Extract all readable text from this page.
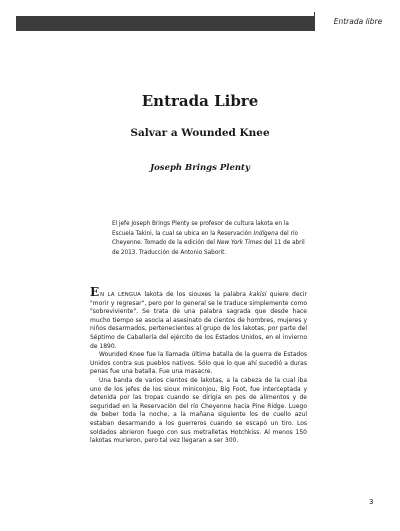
Entrada libre
Entrada Libre
Salvar a Wounded Knee
Joseph Brings Plenty
El jefe Joseph Brings Plenty se profesor de cultura lakota en la Escuela Takini, la cual se ubica en la Reservación Indígena del río Cheyenne. Tomado de la edición del New York Times del 11 de abril de 2013. Traducción de Antonio Saborit.

EN LA LENGUA lakota de los siouxes la palabra kakisi quiere decir "morir y regresar", pero por lo general se le traduce simplemente como "sobreviviente". Se trata de una palabra sagrada que desde hace mucho tiempo se asocia al asesinato de cientos de hombres, mujeres y niños desarmados, pertenecientes al grupo de los lakotas, por parte del Séptimo de Caballería del ejército de los Estados Unidos, en el invierno de 1890.

Wounded Knee fue la llamada última batalla de la guerra de Estados Unidos contra sus pueblos nativos. Sólo que lo que ahí sucedió a duras penas fue una batalla. Fue una masacre.

Una banda de varios cientos de lakotas, a la cabeza de la cual iba uno de los jefes de los sioux miniconjou, Big Foot, fue interceptada y detenida por las tropas cuando se dirigía en pos de alimentos y de seguridad en la Reservación del río Cheyenne hacia Pine Ridge. Luego de beber toda la noche, a la mañana siguiente los de cuello azul estaban desarmando a los guerreros cuando se escapó un tiro. Los soldados abrieron fuego con sus metralletas Hotchkiss. Al menos 150 lakotas murieron, pero tal vez llegaran a ser 300.

3
